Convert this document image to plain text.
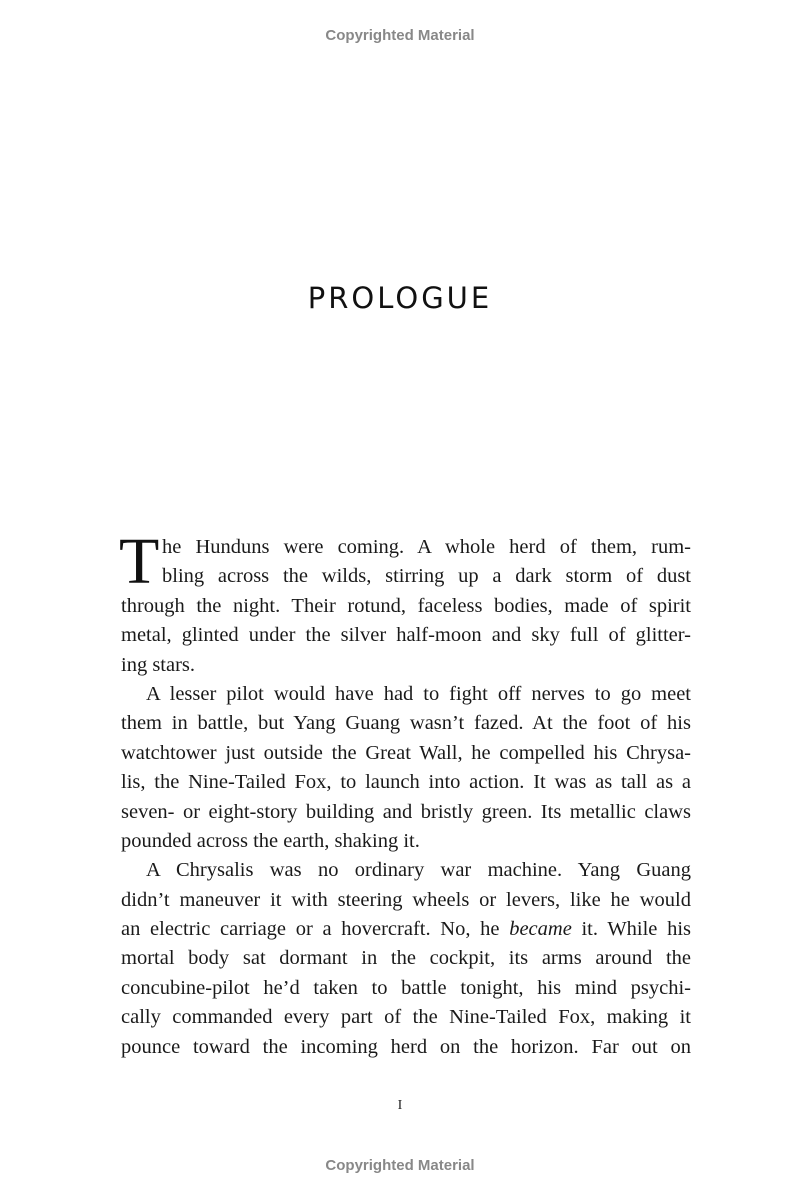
Copyrighted Material
PROLOGUE
T he Hunduns were coming. A whole herd of them, rum-
bling across the wilds, stirring up a dark storm of dust
through the night. Their rotund, faceless bodies, made of spirit
metal, glinted under the silver half-moon and sky full of glitter-
ing stars.
A lesser pilot would have had to fight off nerves to go meet
them in battle, but Yang Guang wasn’t fazed. At the foot of his
watchtower just outside the Great Wall, he compelled his Chrysa-
lis, the Nine-Tailed Fox, to launch into action. It was as tall as a
seven- or eight-story building and bristly green. Its metallic claws
pounded across the earth, shaking it.
A Chrysalis was no ordinary war machine. Yang Guang
didn’t maneuver it with steering wheels or levers, like he would
an electric carriage or a hovercraft. No, he became it. While his
mortal body sat dormant in the cockpit, its arms around the
concubine-pilot he’d taken to battle tonight, his mind psychi-
cally commanded every part of the Nine-Tailed Fox, making it
pounce toward the incoming herd on the horizon. Far out on
I
Copyrighted Material
